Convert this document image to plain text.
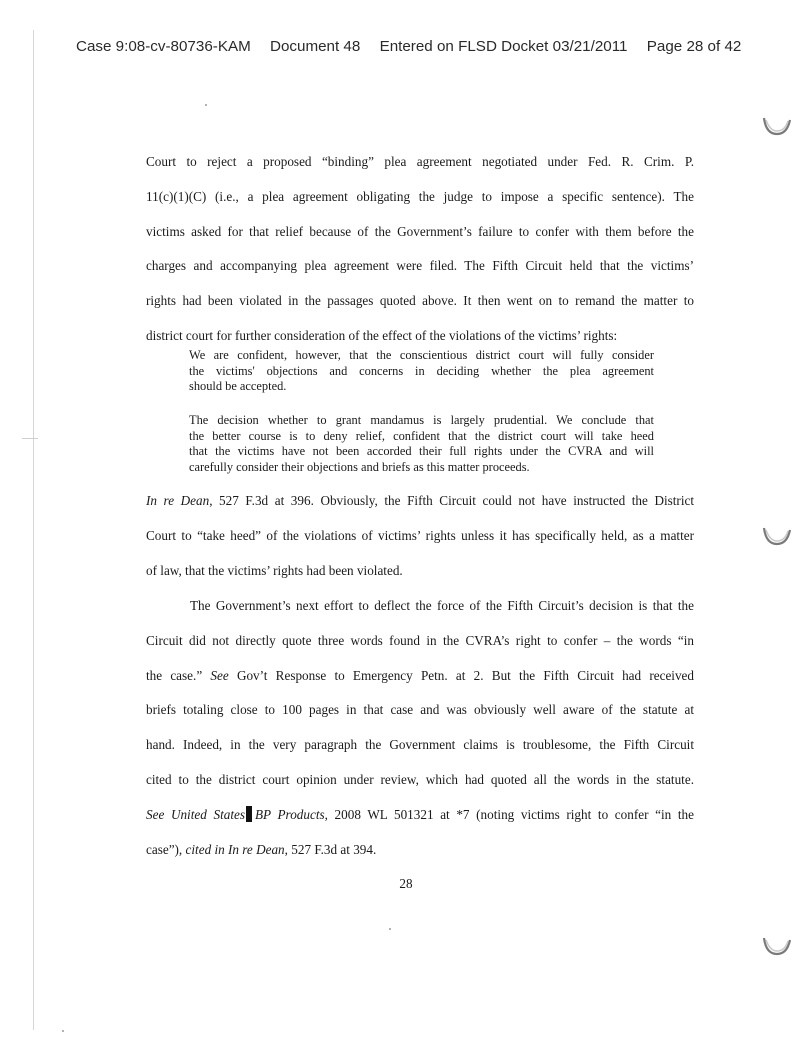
Case 9:08-cv-80736-KAM Document 48 Entered on FLSD Docket 03/21/2011 Page 28 of 42
Court to reject a proposed “binding” plea agreement negotiated under Fed. R. Crim. P.
11(c)(1)(C) (i.e., a plea agreement obligating the judge to impose a specific sentence). The
victims asked for that relief because of the Government’s failure to confer with them before the
charges and accompanying plea agreement were filed. The Fifth Circuit held that the victims’
rights had been violated in the passages quoted above. It then went on to remand the matter to
district court for further consideration of the effect of the violations of the victims’ rights:
We are confident, however, that the conscientious district court will fully consider
the victims' objections and concerns in deciding whether the plea agreement
should be accepted.
The decision whether to grant mandamus is largely prudential. We conclude that
the better course is to deny relief, confident that the district court will take heed
that the victims have not been accorded their full rights under the CVRA and will
carefully consider their objections and briefs as this matter proceeds.
In re Dean, 527 F.3d at 396. Obviously, the Fifth Circuit could not have instructed the District
Court to “take heed” of the violations of victims’ rights unless it has specifically held, as a matter
of law, that the victims’ rights had been violated.
The Government’s next effort to deflect the force of the Fifth Circuit’s decision is that the
Circuit did not directly quote three words found in the CVRA’s right to confer – the words “in
the case.” See Gov’t Response to Emergency Petn. at 2. But the Fifth Circuit had received
briefs totaling close to 100 pages in that case and was obviously well aware of the statute at
hand. Indeed, in the very paragraph the Government claims is troublesome, the Fifth Circuit
cited to the district court opinion under review, which had quoted all the words in the statute.
See United States BP Products, 2008 WL 501321 at *7 (noting victims right to confer “in the
case”), cited in In re Dean, 527 F.3d at 394.
28
